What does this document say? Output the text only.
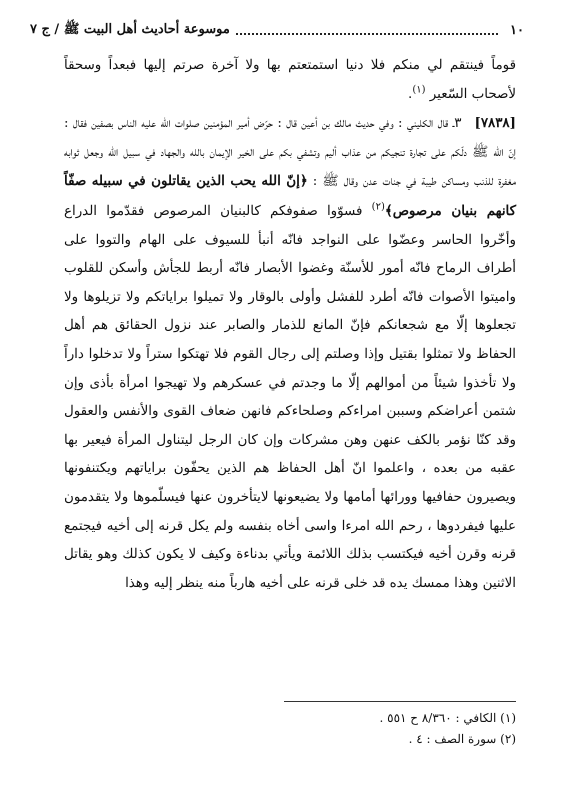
١٠
موسوعة أحاديث أهل البيت ﷺ / ج ٧

قوماً فينتقم لي منكم فلا دنيا استمتعتم بها ولا آخرة صرتم إليها فبعداً وسحقاً لأصحاب السّعير $^{(١)}$.

[٧٨٣٨]   ٣ـ قال الكليني : وفي حديث مالك بن أعين قال : حرّض أمير المؤمنين صلوات الله عليه الناس بصفين فقال : إنّ الله ﷺ دلّكم على تجارة تنجيكم من عذاب أليم وتشفي بكم على الخير الإيمان بالله والجهاد في سبيل الله وجعل ثوابه مغفرة للذنب ومساكن طيبة في جنات عدن وقال ﷺ : ﴿إنّ الله يحب الذين يقاتلون في سبيله صفّاً كانهم بنيان مرصوص﴾$^{(٢)}$ فسوّوا صفوفكم كالبنيان المرصوص فقدّموا الدراع وأخّروا الحاسر وعضّوا على النواجد فانّه أنبأ للسيوف على الهام والتووا على أطراف الرماح فانّه أمور للأسنّة وغضوا الأبصار فانّه أربط للجأش وأسكن للقلوب واميتوا الأصوات فانّه أطرد للفشل وأولى بالوقار ولا تميلوا براياتكم ولا تزيلوها ولا تجعلوها إلّا مع شجعانكم فإنّ المانع للذمار والصابر عند نزول الحقائق هم أهل الحفاظ ولا تمثلوا بقتيل وإذا وصلتم إلى رجال القوم فلا تهتكوا ستراً ولا تدخلوا داراً ولا تأخذوا شيئاً من أموالهم إلّا ما وجدتم في عسكرهم ولا تهيجوا امرأة بأذى وإن شتمن أعراضكم وسببن امراءكم وصلحاءكم فانهن ضعاف القوى والأنفس والعقول وقد كنّا نؤمر بالكف عنهن وهن مشركات وإن كان الرجل ليتناول المرأة فيعير بها عقبه من بعده ، واعلموا انّ أهل الحفاظ هم الذين يحفّون براياتهم ويكتنفونها ويصيرون حفافيها وورائها أمامها ولا يضيعونها لايتأخرون عنها فيسلّموها ولا يتقدمون عليها فيفردوها ، رحم الله امرءا واسى أخاه بنفسه ولم يكل قرنه إلى أخيه فيجتمع قرنه وقرن أخيه فيكتسب بذلك اللائمة ويأتي بدناءة وكيف لا يكون كذلك وهو يقاتل الاثنين وهذا ممسك يده قد خلى قرنه على أخيه هارباً منه ينظر إليه وهذا

(١) الكافي : ٨/٣٦٠ ح ٥٥١ .
(٢) سورة الصف : ٤ .
